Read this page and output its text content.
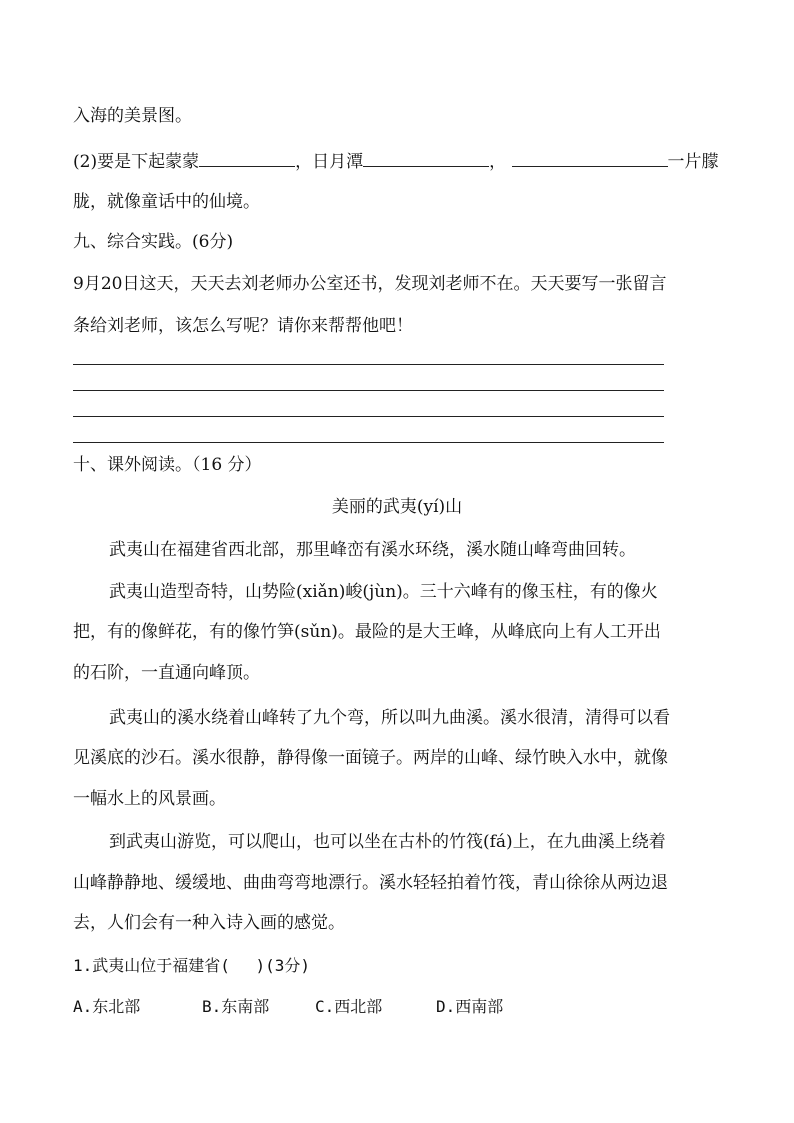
入海的美景图。
(2)要是下起蒙蒙	，日月潭	，	一片朦
胧，就像童话中的仙境。
九、综合实践。(6分)
9月20日这天，天天去刘老师办公室还书，发现刘老师不在。天天要写一张留言
条给刘老师，该怎么写呢？请你来帮帮他吧！
十、课外阅读。（16 分）
美丽的武夷(yí)山
武夷山在福建省西北部，那里峰峦有溪水环绕，溪水随山峰弯曲回转。
武夷山造型奇特，山势险(xiǎn)峻(jùn)。三十六峰有的像玉柱，有的像火
把，有的像鲜花，有的像竹笋(sǔn)。最险的是大王峰，从峰底向上有人工开出
的石阶，一直通向峰顶。
武夷山的溪水绕着山峰转了九个弯，所以叫九曲溪。溪水很清，清得可以看
见溪底的沙石。溪水很静，静得像一面镜子。两岸的山峰、绿竹映入水中，就像
一幅水上的风景画。
到武夷山游览，可以爬山，也可以坐在古朴的竹筏(fá)上，在九曲溪上绕着
山峰静静地、缓缓地、曲曲弯弯地漂行。溪水轻轻拍着竹筏，青山徐徐从两边退
去，人们会有一种入诗入画的感觉。
1.武夷山位于福建省(　 )(3分)
A.东北部	B.东南部	C.西北部	D.西南部
